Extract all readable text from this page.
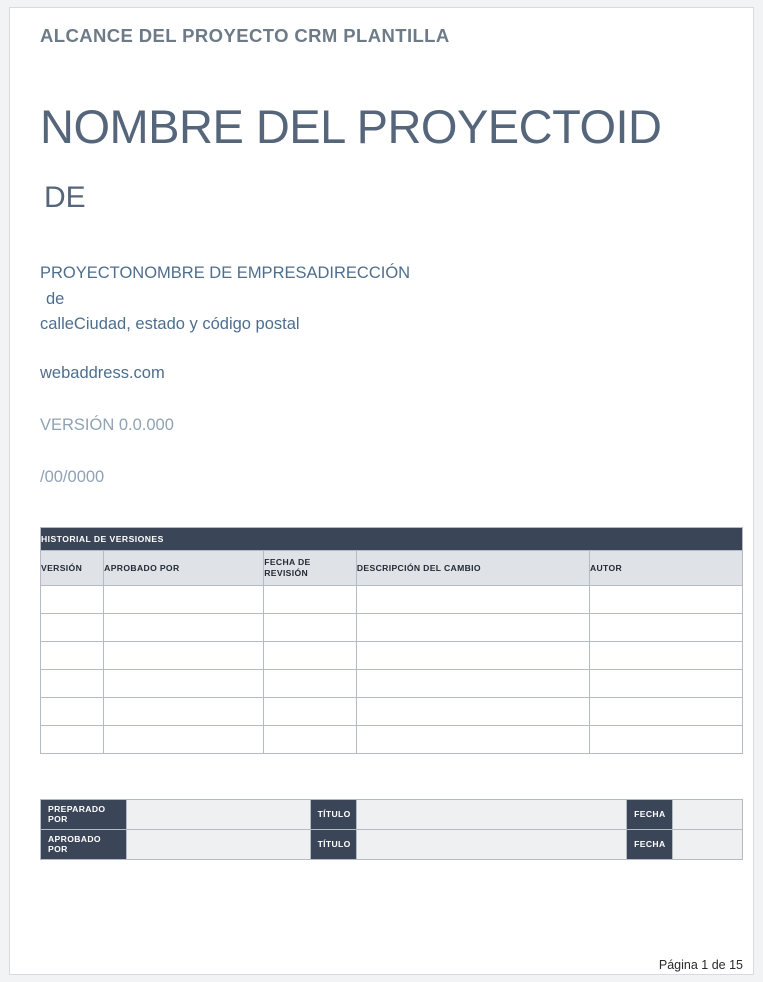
ALCANCE DEL PROYECTO CRM PLANTILLA
NOMBRE DEL PROYECTOID
DE
PROYECTONOMBRE DE EMPRESADIRECCIÓN
de
calleCiudad, estado y código postal
webaddress.com
VERSIÓN 0.0.000
/00/0000
HISTORIAL DE VERSIONES				
VERSIÓN	APROBADO POR	FECHA DE REVISIÓN	DESCRIPCIÓN DEL CAMBIO	AUTOR

PREPARADO POR		TÍTULO		FECHA	
APROBADO POR		TÍTULO		FECHA	
Página 1 de 15
